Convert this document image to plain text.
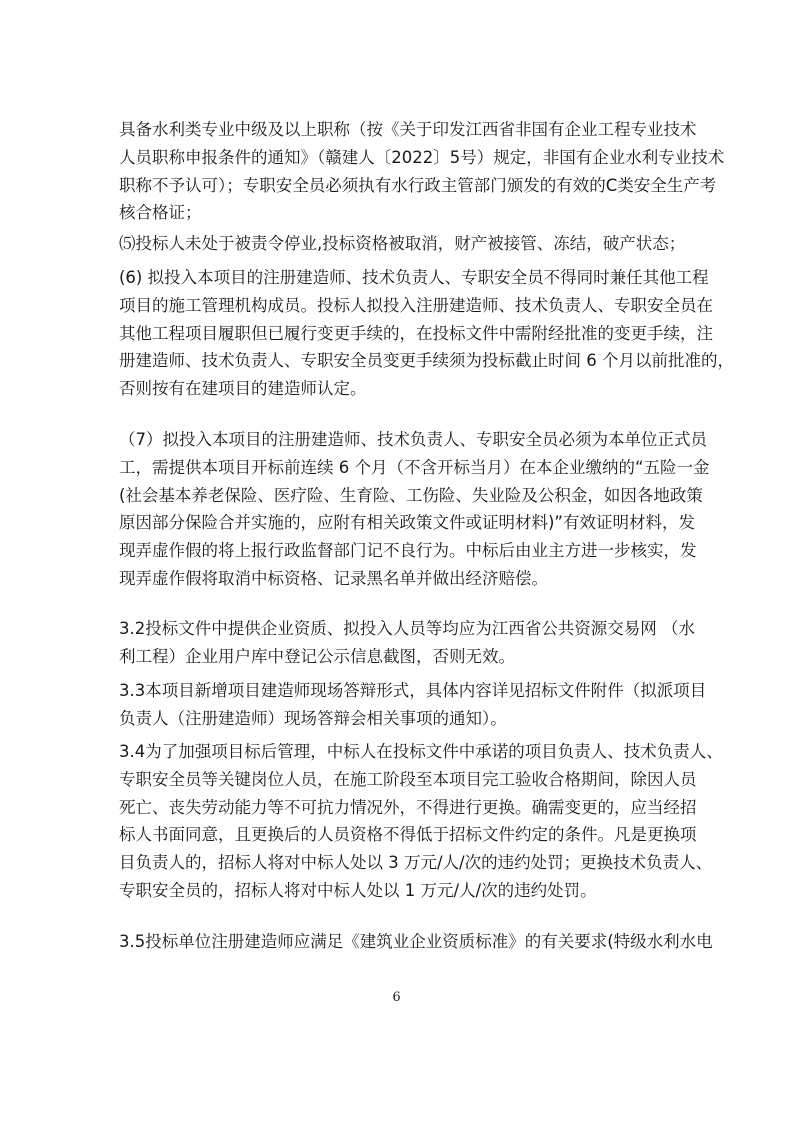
具备水利类专业中级及以上职称（按《关于印发江西省非国有企业工程专业技术
人员职称申报条件的通知》（赣建人〔2022〕5号）规定，非国有企业水利专业技术
职称不予认可）；专职安全员必须执有水行政主管部门颁发的有效的C类安全生产考
核合格证；
⑸投标人未处于被责令停业,投标资格被取消，财产被接管、冻结，破产状态；
(6) 拟投入本项目的注册建造师、技术负责人、专职安全员不得同时兼任其他工程
项目的施工管理机构成员。投标人拟投入注册建造师、技术负责人、专职安全员在
其他工程项目履职但已履行变更手续的，在投标文件中需附经批准的变更手续，注
册建造师、技术负责人、专职安全员变更手续须为投标截止时间 6 个月以前批准的，
否则按有在建项目的建造师认定。
（7）拟投入本项目的注册建造师、技术负责人、专职安全员必须为本单位正式员
工，需提供本项目开标前连续 6 个月（不含开标当月）在本企业缴纳的“五险一金
(社会基本养老保险、医疗险、生育险、工伤险、失业险及公积金，如因各地政策
原因部分保险合并实施的，应附有相关政策文件或证明材料)”有效证明材料，发
现弄虚作假的将上报行政监督部门记不良行为。中标后由业主方进一步核实，发
现弄虚作假将取消中标资格、记录黑名单并做出经济赔偿。
3.2投标文件中提供企业资质、拟投入人员等均应为江西省公共资源交易网 （水
利工程）企业用户库中登记公示信息截图，否则无效。
3.3本项目新增项目建造师现场答辩形式，具体内容详见招标文件附件（拟派项目
负责人（注册建造师）现场答辩会相关事项的通知）。
3.4为了加强项目标后管理，中标人在投标文件中承诺的项目负责人、技术负责人、
专职安全员等关键岗位人员，在施工阶段至本项目完工验收合格期间，除因人员
死亡、丧失劳动能力等不可抗力情况外，不得进行更换。确需变更的，应当经招
标人书面同意，且更换后的人员资格不得低于招标文件约定的条件。凡是更换项
目负责人的，招标人将对中标人处以 3 万元/人/次的违约处罚；更换技术负责人、
专职安全员的，招标人将对中标人处以 1 万元/人/次的违约处罚。
3.5投标单位注册建造师应满足《建筑业企业资质标准》的有关要求(特级水利水电
6
